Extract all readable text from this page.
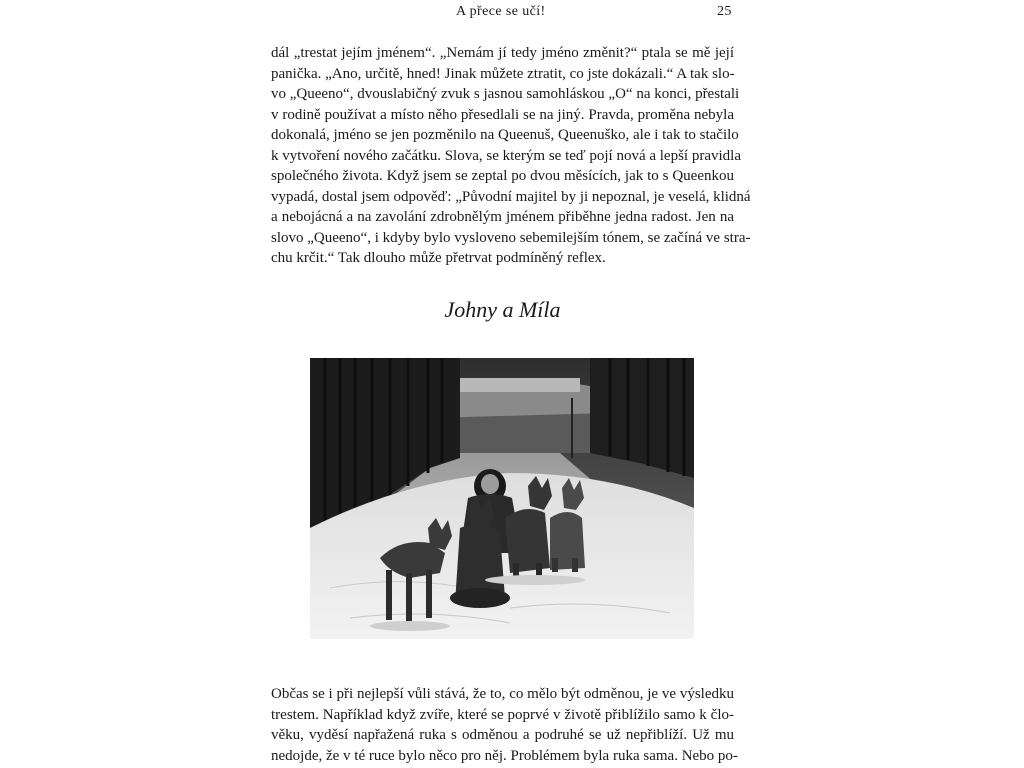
A přece se učí!	25

dál „trestat jejím jménem“. „Nemám jí tedy jméno změnit?“ ptala se mě její
panička. „Ano, určitě, hned! Jinak můžete ztratit, co jste dokázali.“ A tak slo-
vo „Queeno“, dvouslabičný zvuk s jasnou samohláskou „O“ na konci, přestali
v rodině používat a místo něho přesedlali se na jiný. Pravda, proměna nebyla
dokonalá, jméno se jen pozměnilo na Queenuš, Queenuško, ale i tak to stačilo
k vytvoření nového začátku. Slova, se kterým se teď pojí nová a lepší pravidla
společného života. Když jsem se zeptal po dvou měsících, jak to s Queenkou
vypadá, dostal jsem odpověď: „Původní majitel by ji nepoznal, je veselá, klidná
a nebojácná a na zavolání zdrobnělým jménem přiběhne jedna radost. Jen na
slovo „Queeno“, i kdyby bylo vysloveno sebemilejším tónem, se začíná ve stra-
chu krčit.“ Tak dlouho může přetrvat podmíněný reflex.

Johny a Míla

Občas se i při nejlepší vůli stává, že to, co mělo být odměnou, je ve výsledku
trestem. Například když zvíře, které se poprvé v životě přiblížilo samo k člo-
věku, vyděsí napřažená ruka s odměnou a podruhé se už nepřiblíží. Už mu
nedojde, že v té ruce bylo něco pro něj. Problémem byla ruka sama. Nebo po-
